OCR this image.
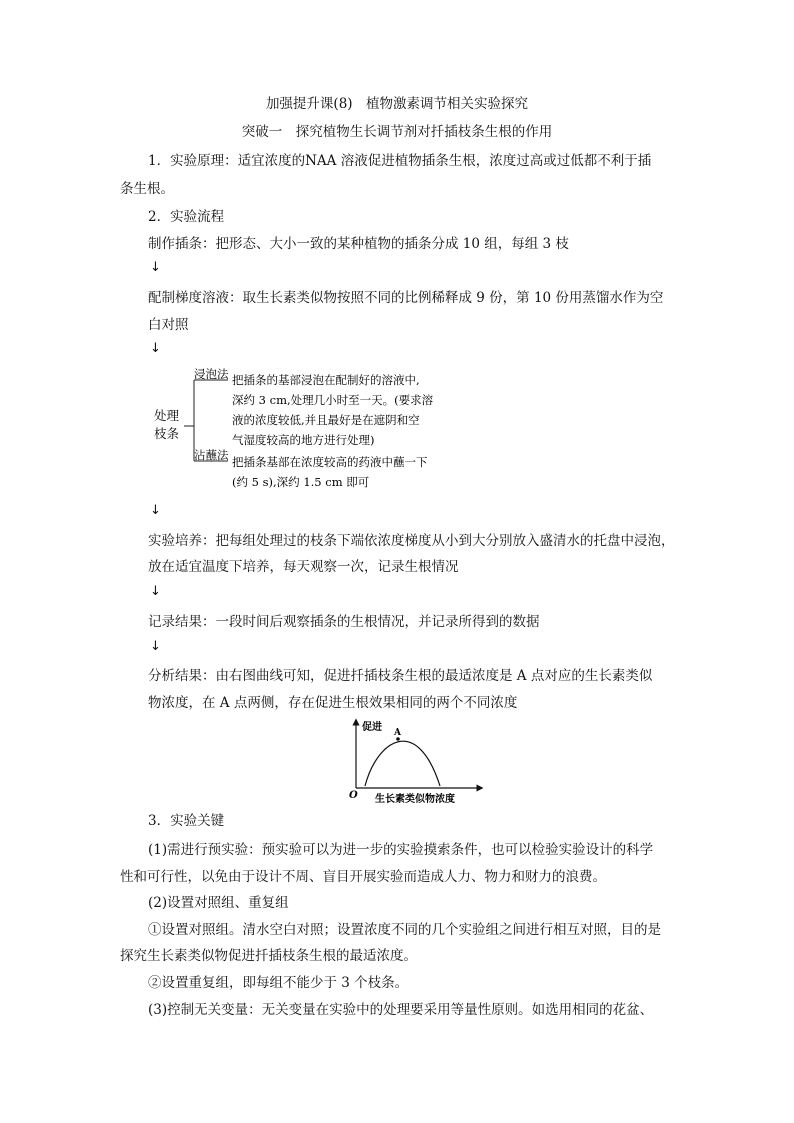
加强提升课(8)　植物激素调节相关实验探究
突破一　探究植物生长调节剂对扦插枝条生根的作用
1．实验原理：适宜浓度的NAA 溶液促进植物插条生根，浓度过高或过低都不利于插
条生根。
2．实验流程
制作插条：把形态、大小一致的某种植物的插条分成 10 组，每组 3 枝
↓
配制梯度溶液：取生长素类似物按照不同的比例稀释成 9 份，第 10 份用蒸馏水作为空
白对照
↓
处理
枝条
浸泡法 把插条的基部浸泡在配制好的溶液中,
深约 3 cm,处理几小时至一天。(要求溶
液的浓度较低,并且最好是在遮阴和空
气湿度较高的地方进行处理)
沾蘸法 把插条基部在浓度较高的药液中蘸一下
(约 5 s),深约 1.5 cm 即可
↓
实验培养：把每组处理过的枝条下端依浓度梯度从小到大分别放入盛清水的托盘中浸泡，
放在适宜温度下培养，每天观察一次，记录生根情况
↓
记录结果：一段时间后观察插条的生根情况，并记录所得到的数据
↓
分析结果：由右图曲线可知，促进扦插枝条生根的最适浓度是 A 点对应的生长素类似
物浓度，在 A 点两侧，存在促进生根效果相同的两个不同浓度
促进 A
O 生长素类似物浓度
3．实验关键
(1)需进行预实验：预实验可以为进一步的实验摸索条件，也可以检验实验设计的科学
性和可行性，以免由于设计不周、盲目开展实验而造成人力、物力和财力的浪费。
(2)设置对照组、重复组
①设置对照组。清水空白对照；设置浓度不同的几个实验组之间进行相互对照，目的是
探究生长素类似物促进扦插枝条生根的最适浓度。
②设置重复组，即每组不能少于 3 个枝条。
(3)控制无关变量：无关变量在实验中的处理要采用等量性原则。如选用相同的花盆、
